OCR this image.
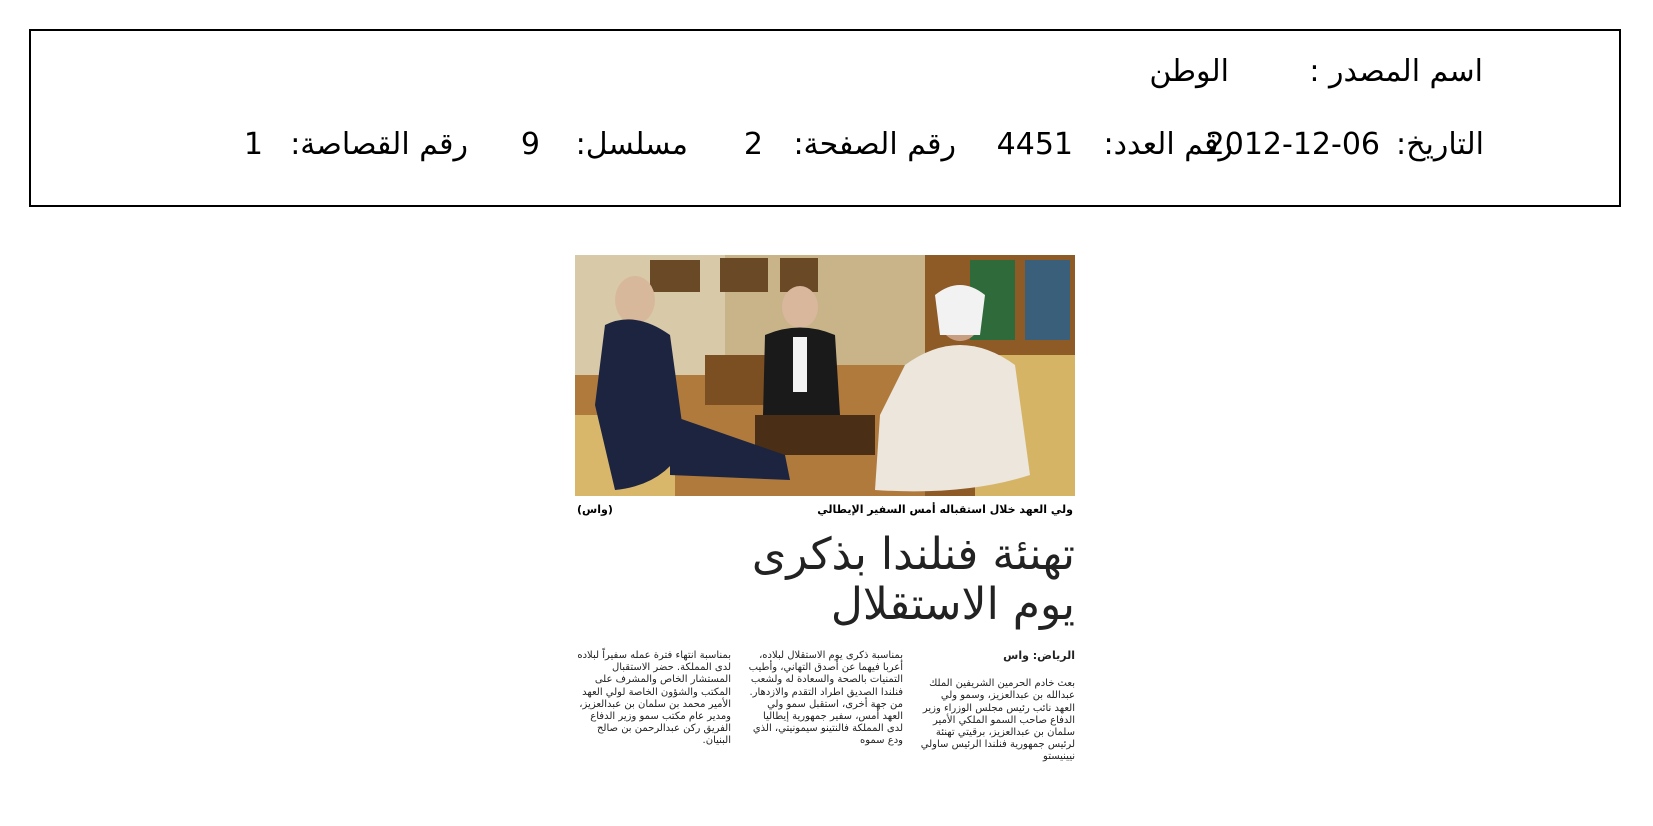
اسم المصدر :
الوطن
التاريخ:
2012-12-06
رقم العدد:
4451
رقم الصفحة:
2
مسلسل:
9
رقم القصاصة:
1
ولي العهد خلال استقباله أمس السفير الإيطالي
(واس)
تهنئة فنلندا بذكرى
يوم الاستقلال
الرياض: واس
بعث خادم الحرمين الشريفين الملك عبدالله بن عبدالعزيز، وسمو ولي العهد نائب رئيس مجلس الوزراء وزير الدفاع صاحب السمو الملكي الأمير سلمان بن عبدالعزيز، برقيتي تهنئة لرئيس جمهورية فنلندا الرئيس ساولي نيينيستو
بمناسبة ذكرى يوم الاستقلال لبلاده، أعربا فيهما عن أصدق التهاني، وأطيب التمنيات بالصحة والسعادة له ولشعب فنلندا الصديق اطراد التقدم والازدهار. من جهة أخرى، استقبل سمو ولي العهد أمس، سفير جمهورية إيطاليا لدى المملكة فالنتينو سيمونيتي، الذي ودع سموه
بمناسبة انتهاء فترة عمله سفيراً لبلاده لدى المملكة. حضر الاستقبال المستشار الخاص والمشرف على المكتب والشؤون الخاصة لولي العهد الأمير محمد بن سلمان بن عبدالعزيز، ومدير عام مكتب سمو وزير الدفاع الفريق ركن عبدالرحمن بن صالح البنيان.
